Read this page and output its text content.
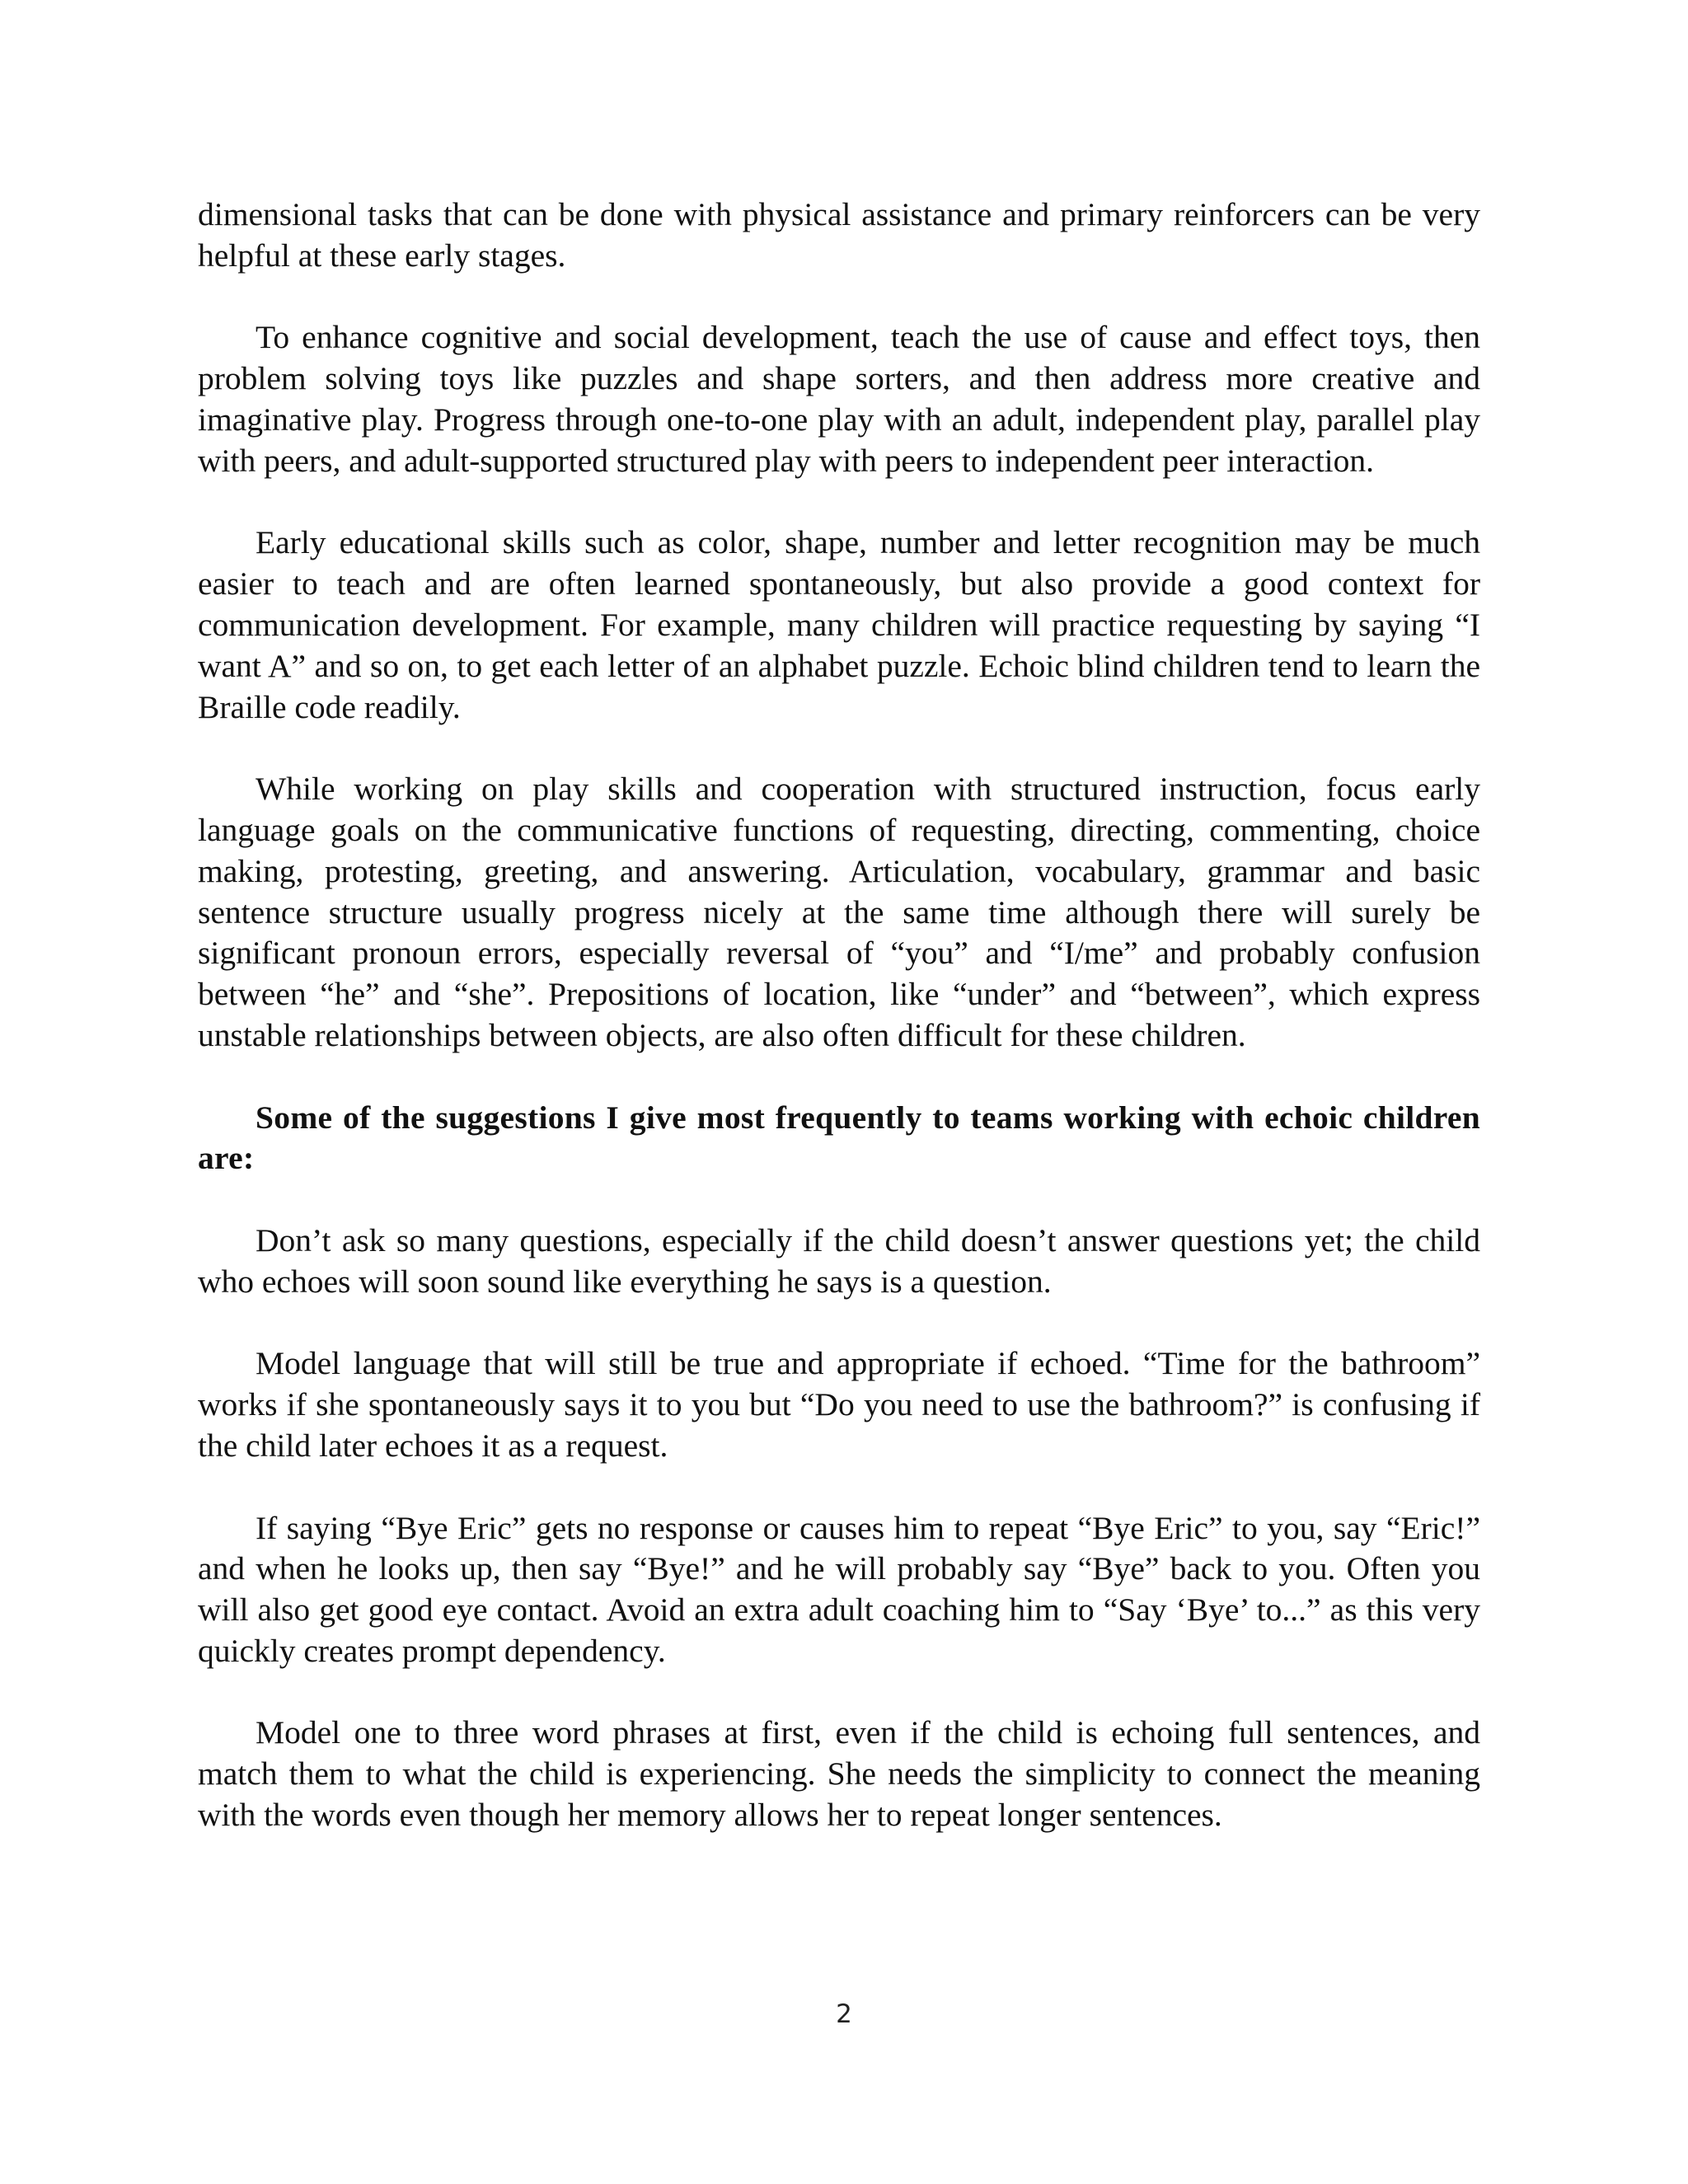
dimensional tasks that can be done with physical assistance and primary reinforcers can be very helpful at these early stages.

To enhance cognitive and social development, teach the use of cause and effect toys, then problem solving toys like puzzles and shape sorters, and then address more creative and imaginative play. Progress through one-to-one play with an adult, independent play, parallel play with peers, and adult-supported structured play with peers to independent peer interaction.

Early educational skills such as color, shape, number and letter recognition may be much easier to teach and are often learned spontaneously, but also provide a good context for communication development. For example, many children will practice requesting by saying “I want A” and so on, to get each letter of an alphabet puzzle. Echoic blind children tend to learn the Braille code readily.

While working on play skills and cooperation with structured instruction, focus early language goals on the communicative functions of requesting, directing, commenting, choice making, protesting, greeting, and answering. Articulation, vocabulary, grammar and basic sentence structure usually progress nicely at the same time although there will surely be significant pronoun errors, especially reversal of “you” and “I/me” and probably confusion between “he” and “she”. Prepositions of location, like “under” and “between”, which express unstable relationships between objects, are also often difficult for these children.

Some of the suggestions I give most frequently to teams working with echoic children are:

Don’t ask so many questions, especially if the child doesn’t answer questions yet; the child who echoes will soon sound like everything he says is a question.

Model language that will still be true and appropriate if echoed. “Time for the bathroom” works if she spontaneously says it to you but “Do you need to use the bathroom?” is confusing if the child later echoes it as a request.

If saying “Bye Eric” gets no response or causes him to repeat “Bye Eric” to you, say “Eric!” and when he looks up, then say “Bye!” and he will probably say “Bye” back to you. Often you will also get good eye contact. Avoid an extra adult coaching him to “Say ‘Bye’ to...” as this very quickly creates prompt dependency.

Model one to three word phrases at first, even if the child is echoing full sentences, and match them to what the child is experiencing. She needs the simplicity to connect the meaning with the words even though her memory allows her to repeat longer sentences.

2
